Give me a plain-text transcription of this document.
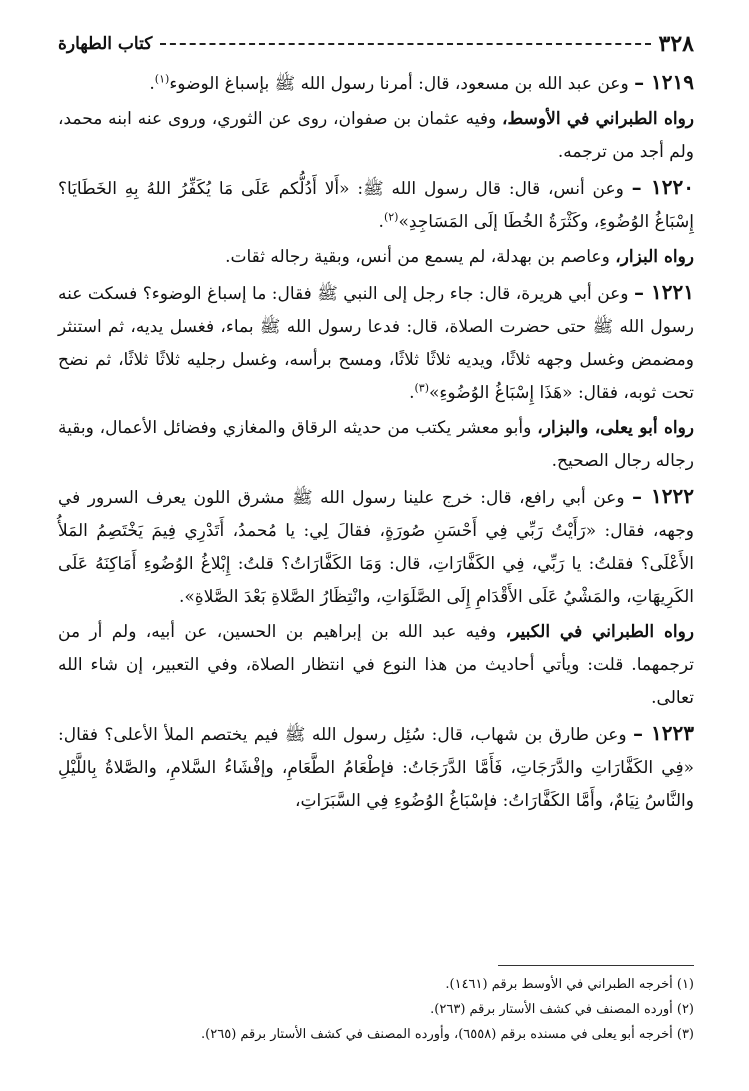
٣٢٨
كتاب الطهارة

١٢١٩ – وعن عبد الله بن مسعود، قال: أمرنا رسول الله ﷺ بإسباغ الوضوء$^{(١)}$.

رواه الطبراني في الأوسط، وفيه عثمان بن صفوان، روى عن الثوري، وروى عنه ابنه محمد، ولم أجد من ترجمه.

١٢٢٠ – وعن أنس، قال: قال رسول الله ﷺ: «أَلا أَدُلُّكم عَلَى مَا يُكَفِّرُ اللهُ بِهِ الخَطَايَا؟ إِسْبَاغُ الوُضُوءِ، وكَثْرَةُ الخُطَا إلَى المَسَاجِدِ»$^{(٢)}$.

رواه البزار، وعاصم بن بهدلة، لم يسمع من أنس، وبقية رجاله ثقات.

١٢٢١ – وعن أبي هريرة، قال: جاء رجل إلى النبي ﷺ فقال: ما إسباغ الوضوء؟ فسكت عنه رسول الله ﷺ حتى حضرت الصلاة، قال: فدعا رسول الله ﷺ بماء، فغسل يديه، ثم استنثر ومضمض وغسل وجهه ثلاثًا، ويديه ثلاثًا ثلاثًا، ومسح برأسه، وغسل رجليه ثلاثًا ثلاثًا، ثم نضح تحت ثوبه، فقال: «هَذَا إِسْبَاغُ الوُضُوءِ»$^{(٣)}$.

رواه أبو يعلى، والبزار، وأبو معشر يكتب من حديثه الرقاق والمغازي وفضائل الأعمال، وبقية رجاله رجال الصحيح.

١٢٢٢ – وعن أبي رافع، قال: خرج علينا رسول الله ﷺ مشرق اللون يعرف السرور في وجهه، فقال: «رَأَيْتُ رَبِّي فِي أَحْسَنِ صُورَةٍ، فقالَ لِي: يا مُحمدُ، أَتَدْرِي فِيمَ يَخْتَصِمُ المَلأُ الأَعْلَى؟ فقلتُ: يا رَبِّي، فِي الكَفَّارَاتِ، قال: وَمَا الكَفَّارَاتُ؟ قلتُ: إِبْلاغُ الوُضُوءِ أَمَاكِنَهُ عَلَى الكَرِيهَاتِ، والمَشْيُ عَلَى الأَقْدَامِ إِلَى الصَّلَوَاتِ، وانْتِظَارُ الصَّلاةِ بَعْدَ الصَّلاةِ».

رواه الطبراني في الكبير، وفيه عبد الله بن إبراهيم بن الحسين، عن أبيه، ولم أر من ترجمهما. قلت: ويأتي أحاديث من هذا النوع في انتظار الصلاة، وفي التعبير، إن شاء الله تعالى.

١٢٢٣ – وعن طارق بن شهاب، قال: سُئِل رسول الله ﷺ فيم يختصم الملأ الأعلى؟ فقال: «فِي الكَفَّارَاتِ والدَّرَجَاتِ، فَأَمَّا الدَّرَجَاتُ: فإطْعَامُ الطَّعَامِ، وإفْشَاءُ السَّلامِ، والصَّلاةُ بِاللَّيْلِ والنَّاسُ نِيَامٌ، وأَمَّا الكَفَّارَاتُ: فإسْبَاغُ الوُضُوءِ فِي السَّبَرَاتِ،

(١) أخرجه الطبراني في الأوسط برقم (١٤٦١).

(٢) أورده المصنف في كشف الأستار برقم (٢٦٣).

(٣) أخرجه أبو يعلى في مسنده برقم (٦٥٥٨)، وأورده المصنف في كشف الأستار برقم (٢٦٥).
